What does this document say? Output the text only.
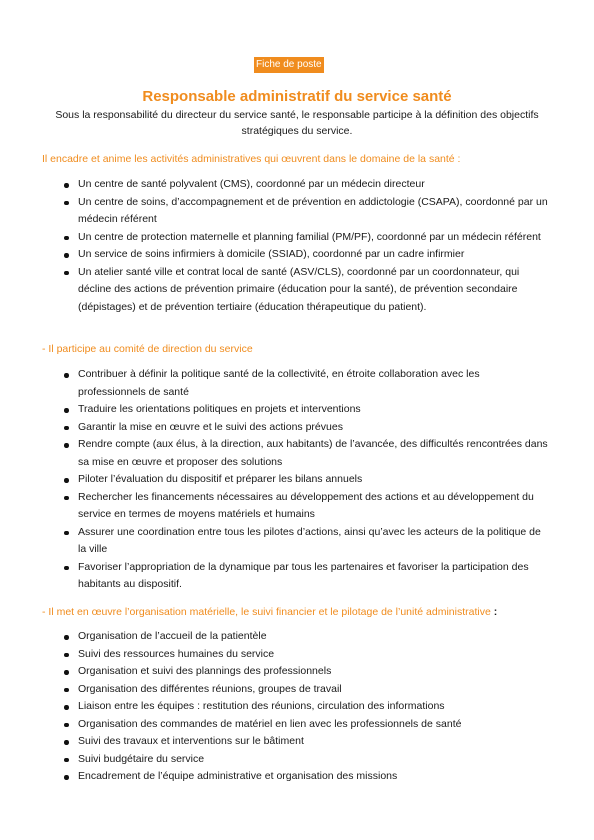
Fiche de poste
Responsable administratif du service santé
Sous la responsabilité du directeur du service santé, le responsable participe à la définition des objectifs stratégiques du service.
Il encadre et anime les activités administratives qui œuvrent dans le domaine de la santé :
Un centre de santé polyvalent (CMS), coordonné par un médecin directeur
Un centre de soins, d’accompagnement et de prévention en addictologie (CSAPA), coordonné par un médecin référent
Un centre de protection maternelle et planning familial (PM/PF), coordonné par un médecin référent
Un service de soins infirmiers à domicile (SSIAD), coordonné par un cadre infirmier
Un atelier santé ville et contrat local de santé (ASV/CLS), coordonné par un coordonnateur, qui décline des actions de prévention primaire (éducation pour la santé), de prévention secondaire (dépistages) et de prévention tertiaire (éducation thérapeutique du patient).
- Il participe au comité de direction du service
Contribuer à définir la politique santé de la collectivité, en étroite collaboration avec les professionnels de santé
Traduire les orientations politiques en projets et interventions
Garantir la mise en œuvre et le suivi des actions prévues
Rendre compte (aux élus, à la direction, aux habitants) de l’avancée, des difficultés rencontrées dans sa mise en œuvre et proposer des solutions
Piloter l’évaluation du dispositif et préparer les bilans annuels
Rechercher les financements nécessaires au développement des actions et au développement du service en termes de moyens matériels et humains
Assurer une coordination entre tous les pilotes d’actions, ainsi qu’avec les acteurs de la politique de la ville
Favoriser l’appropriation de la dynamique par tous les partenaires et favoriser la participation des habitants au dispositif.
- Il met en œuvre l’organisation matérielle, le suivi financier et le pilotage de l’unité administrative :
Organisation de l’accueil de la patientèle
Suivi des ressources humaines du service
Organisation et suivi des plannings des professionnels
Organisation des différentes réunions, groupes de travail
Liaison entre les équipes : restitution des réunions, circulation des informations
Organisation des commandes de matériel en lien avec les professionnels de santé
Suivi des travaux et interventions sur le bâtiment
Suivi budgétaire du service
Encadrement de l’équipe administrative et organisation des missions
